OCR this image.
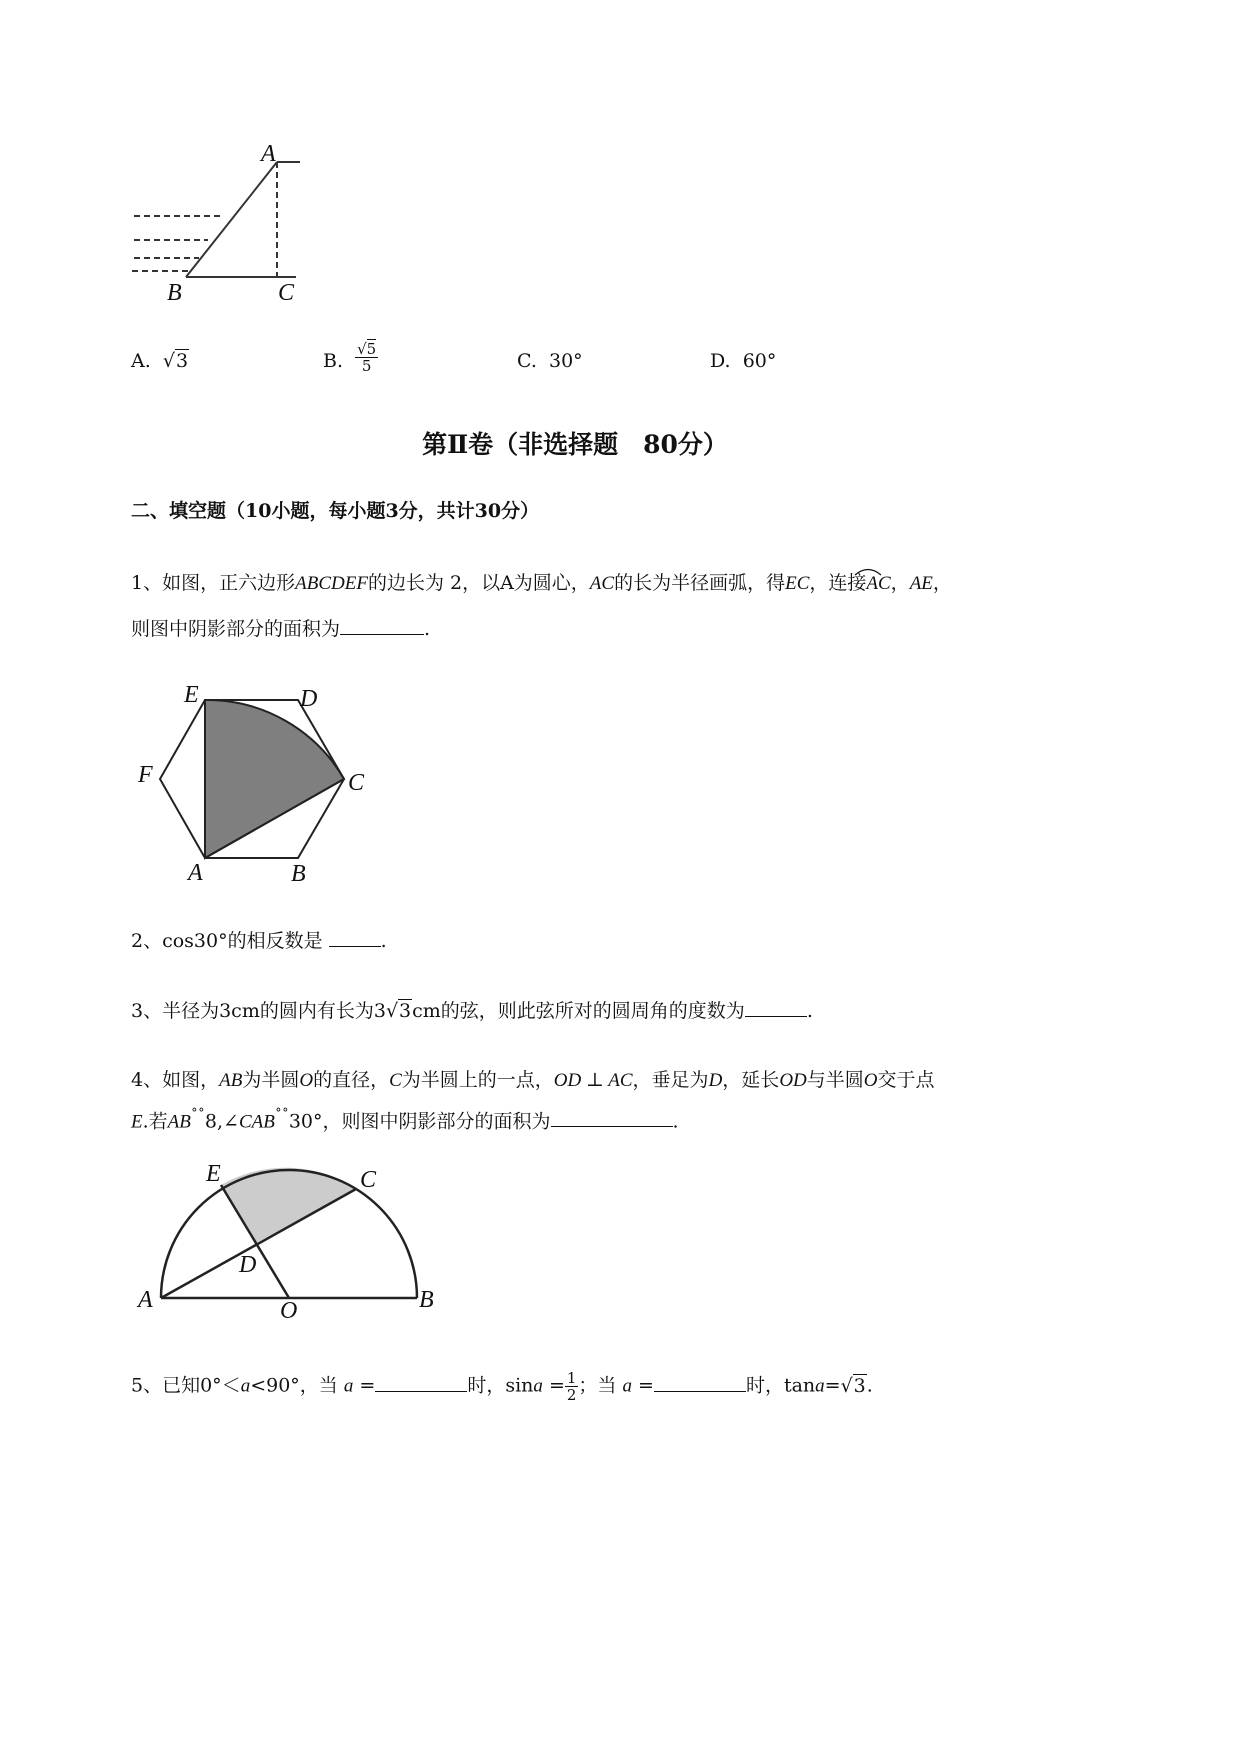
A
B	C
A. √3	B. $\frac{√5}{5}$	C. 30°	D. 60°
第Ⅱ卷（非选择题　80分）
二、填空题（10小题，每小题3分，共计30分）
1、如图，正六边形ABCDEF的边长为 2，以A为圆心，AC的长为半径画弧，得EC，连接AC，AE，
则图中阴影部分的面积为	.
E	D
F	C
A	B
2、cos30°的相反数是	.
3、半径为3cm的圆内有长为3√3cm的弦，则此弦所对的圆周角的度数为	.
4、如图，AB为半圆O的直径，C为半圆上的一点，OD ⊥ AC，垂足为D，延长OD与半圆O交于点
E.若AB˚˚8,∠CAB˚˚30°，则图中阴影部分的面积为	.
E	C
D
A	O	B
5、已知0°＜a<90°，当 a =	时，$\sin a = \frac{1}{2}$ ；当 a =	时，tana=√3.
